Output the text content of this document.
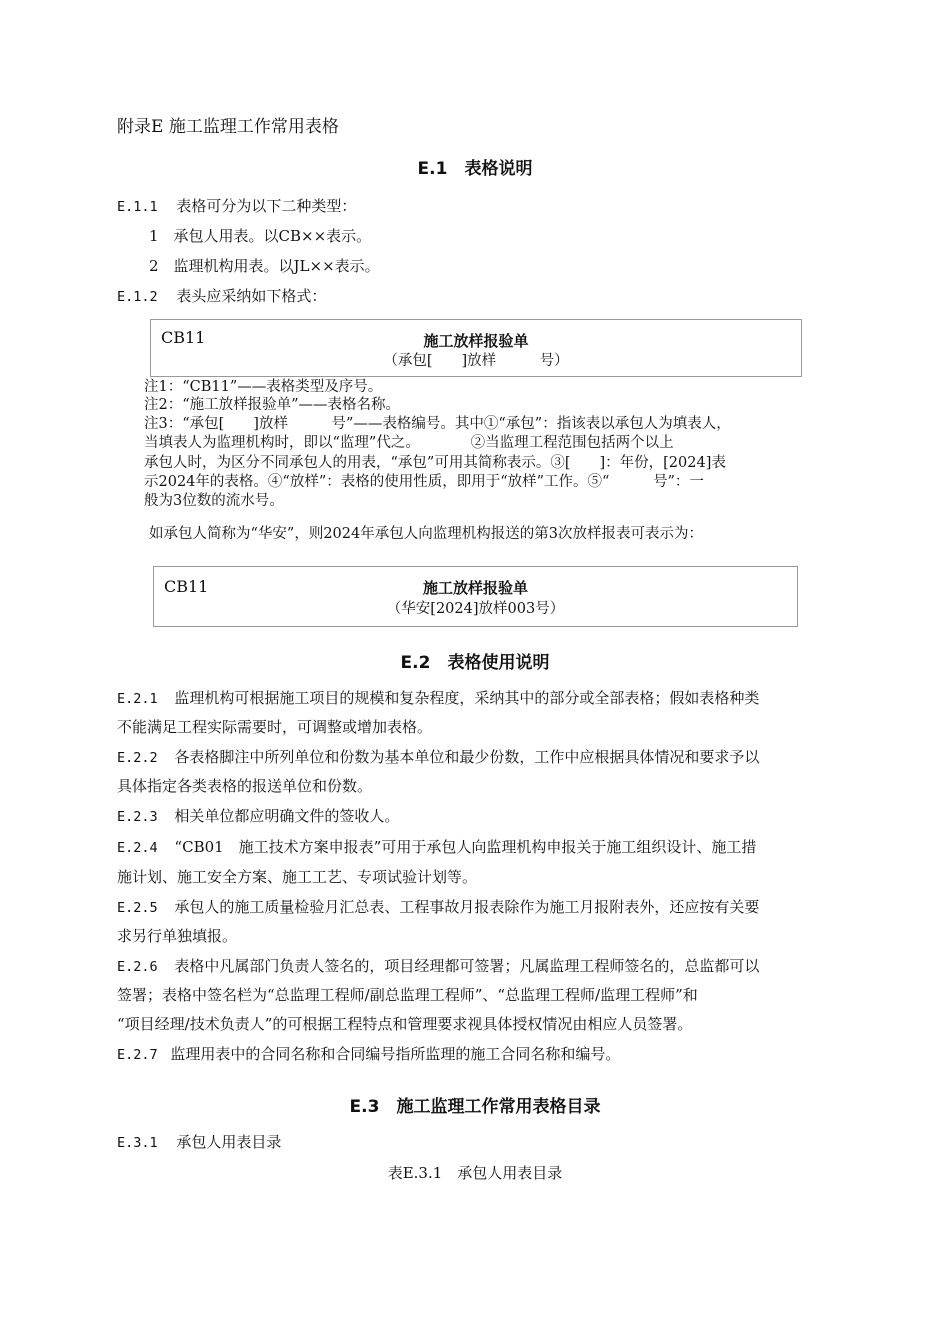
附录E 施工监理工作常用表格
E.1　表格说明
E.1.1 表格可分为以下二种类型：
1　承包人用表。以CB××表示。
2　监理机构用表。以JL××表示。
E.1.2 表头应采纳如下格式：
CB11	施工放样报验单
（承包[　　]放样　　　号）
注1：“CB11”——表格类型及序号。
注2：“施工放样报验单”——表格名称。
注3：“承包[　　]放样　　　号”——表格编号。其中①“承包”：指该表以承包人为填表人，
当填表人为监理机构时，即以“监理”代之。　　　　②当监理工程范围包括两个以上
承包人时，为区分不同承包人的用表，“承包”可用其简称表示。③[　　]：年份，[2024]表
示2024年的表格。④“放样”：表格的使用性质，即用于“放样”工作。⑤“　　　号”：一
般为3位数的流水号。
如承包人简称为“华安”，则2024年承包人向监理机构报送的第3次放样报表可表示为：
CB11	施工放样报验单
（华安[2024]放样003号）
E.2　表格使用说明
E.2.1 监理机构可根据施工项目的规模和复杂程度，采纳其中的部分或全部表格；假如表格种类
不能满足工程实际需要时，可调整或增加表格。
E.2.2 各表格脚注中所列单位和份数为基本单位和最少份数，工作中应根据具体情况和要求予以
具体指定各类表格的报送单位和份数。
E.2.3 相关单位都应明确文件的签收人。
E.2.4 “CB01　施工技术方案申报表”可用于承包人向监理机构申报关于施工组织设计、施工措
施计划、施工安全方案、施工工艺、专项试验计划等。
E.2.5 承包人的施工质量检验月汇总表、工程事故月报表除作为施工月报附表外，还应按有关要
求另行单独填报。
E.2.6 表格中凡属部门负责人签名的，项目经理都可签署；凡属监理工程师签名的，总监都可以
签署；表格中签名栏为“总监理工程师/副总监理工程师”、“总监理工程师/监理工程师”和
“项目经理/技术负责人”的可根据工程特点和管理要求视具体授权情况由相应人员签署。
E.2.7 监理用表中的合同名称和合同编号指所监理的施工合同名称和编号。
E.3　施工监理工作常用表格目录
E.3.1 承包人用表目录
表E.3.1　承包人用表目录
